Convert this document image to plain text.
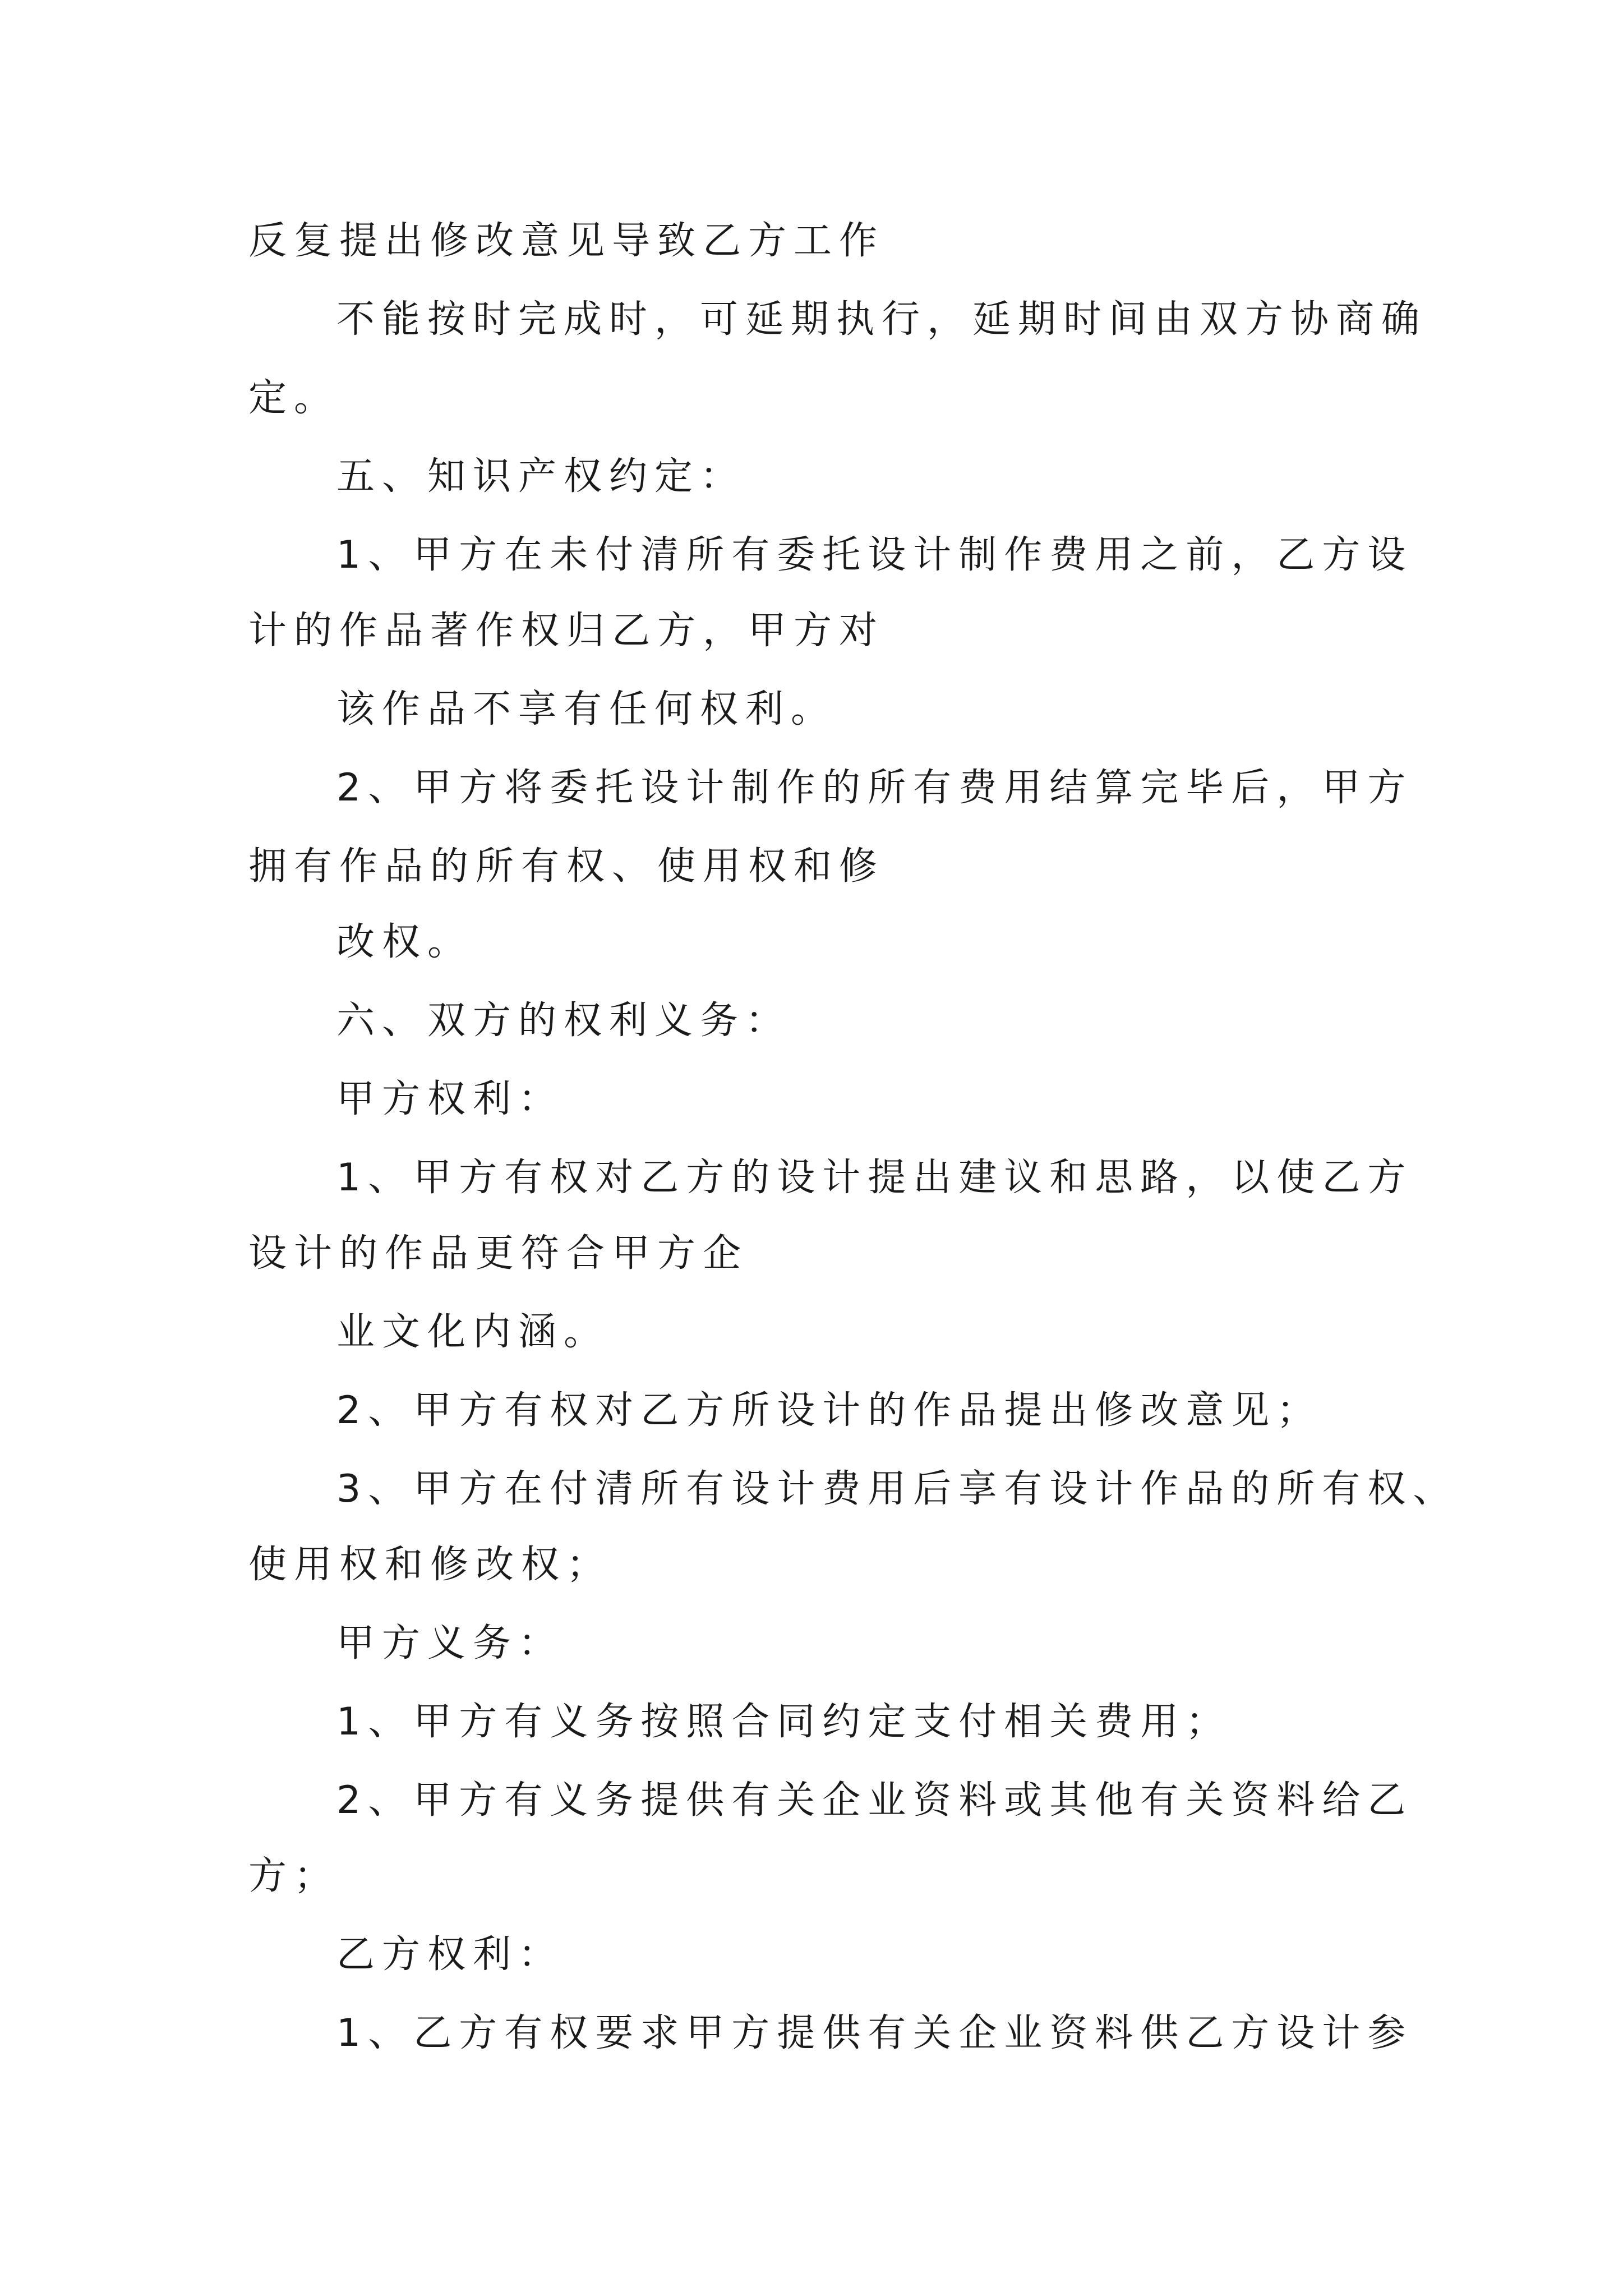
反复提出修改意见导致乙方工作
不能按时完成时，可延期执行，延期时间由双方协商确
定。
五、知识产权约定：
1、甲方在未付清所有委托设计制作费用之前，乙方设
计的作品著作权归乙方，甲方对
该作品不享有任何权利。
2、甲方将委托设计制作的所有费用结算完毕后，甲方
拥有作品的所有权、使用权和修
改权。
六、双方的权利义务：
甲方权利：
1、甲方有权对乙方的设计提出建议和思路，以使乙方
设计的作品更符合甲方企
业文化内涵。
2、甲方有权对乙方所设计的作品提出修改意见；
3、甲方在付清所有设计费用后享有设计作品的所有权、
使用权和修改权；
甲方义务：
1、甲方有义务按照合同约定支付相关费用；
2、甲方有义务提供有关企业资料或其他有关资料给乙
方；
乙方权利：
1、乙方有权要求甲方提供有关企业资料供乙方设计参
